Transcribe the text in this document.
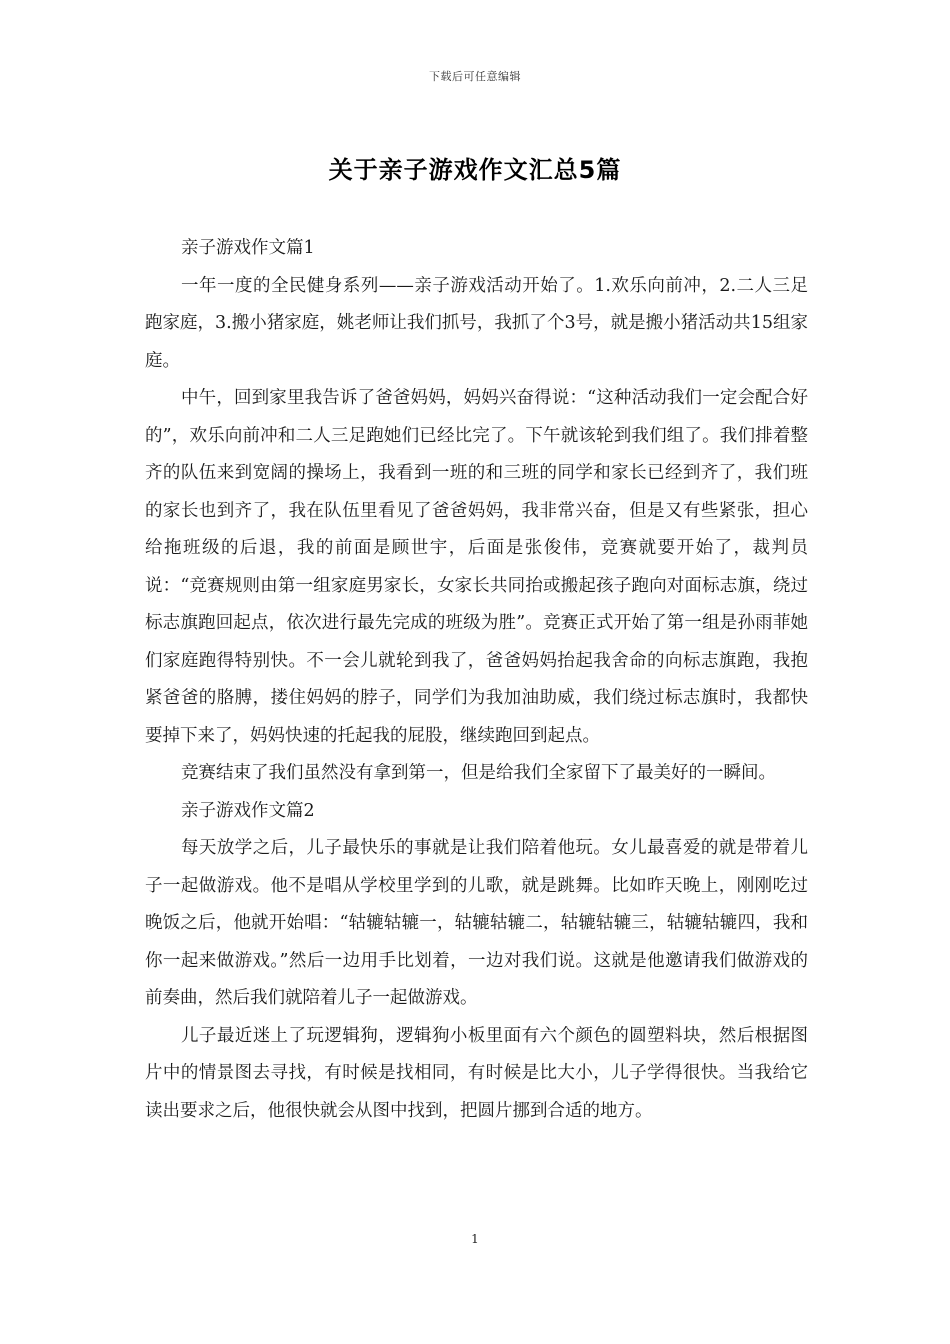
下载后可任意编辑
关于亲子游戏作文汇总5篇

亲子游戏作文篇1

一年一度的全民健身系列——亲子游戏活动开始了。1.欢乐向前冲，2.二人三足跑家庭，3.搬小猪家庭，姚老师让我们抓号，我抓了个3号，就是搬小猪活动共15组家庭。

中午，回到家里我告诉了爸爸妈妈，妈妈兴奋得说：“这种活动我们一定会配合好的”，欢乐向前冲和二人三足跑她们已经比完了。下午就该轮到我们组了。我们排着整齐的队伍来到宽阔的操场上，我看到一班的和三班的同学和家长已经到齐了，我们班的家长也到齐了，我在队伍里看见了爸爸妈妈，我非常兴奋，但是又有些紧张，担心给拖班级的后退，我的前面是顾世宇，后面是张俊伟，竞赛就要开始了，裁判员说：“竞赛规则由第一组家庭男家长，女家长共同抬或搬起孩子跑向对面标志旗，绕过标志旗跑回起点，依次进行最先完成的班级为胜”。竞赛正式开始了第一组是孙雨菲她们家庭跑得特别快。不一会儿就轮到我了，爸爸妈妈抬起我舍命的向标志旗跑，我抱紧爸爸的胳膊，搂住妈妈的脖子，同学们为我加油助威，我们绕过标志旗时，我都快要掉下来了，妈妈快速的托起我的屁股，继续跑回到起点。

竞赛结束了我们虽然没有拿到第一，但是给我们全家留下了最美好的一瞬间。

亲子游戏作文篇2

每天放学之后，儿子最快乐的事就是让我们陪着他玩。女儿最喜爱的就是带着儿子一起做游戏。他不是唱从学校里学到的儿歌，就是跳舞。比如昨天晚上，刚刚吃过晚饭之后，他就开始唱：“轱辘轱辘一，轱辘轱辘二，轱辘轱辘三，轱辘轱辘四，我和你一起来做游戏。”然后一边用手比划着，一边对我们说。这就是他邀请我们做游戏的前奏曲，然后我们就陪着儿子一起做游戏。

儿子最近迷上了玩逻辑狗，逻辑狗小板里面有六个颜色的圆塑料块，然后根据图片中的情景图去寻找，有时候是找相同，有时候是比大小，儿子学得很快。当我给它读出要求之后，他很快就会从图中找到，把圆片挪到合适的地方。

1
